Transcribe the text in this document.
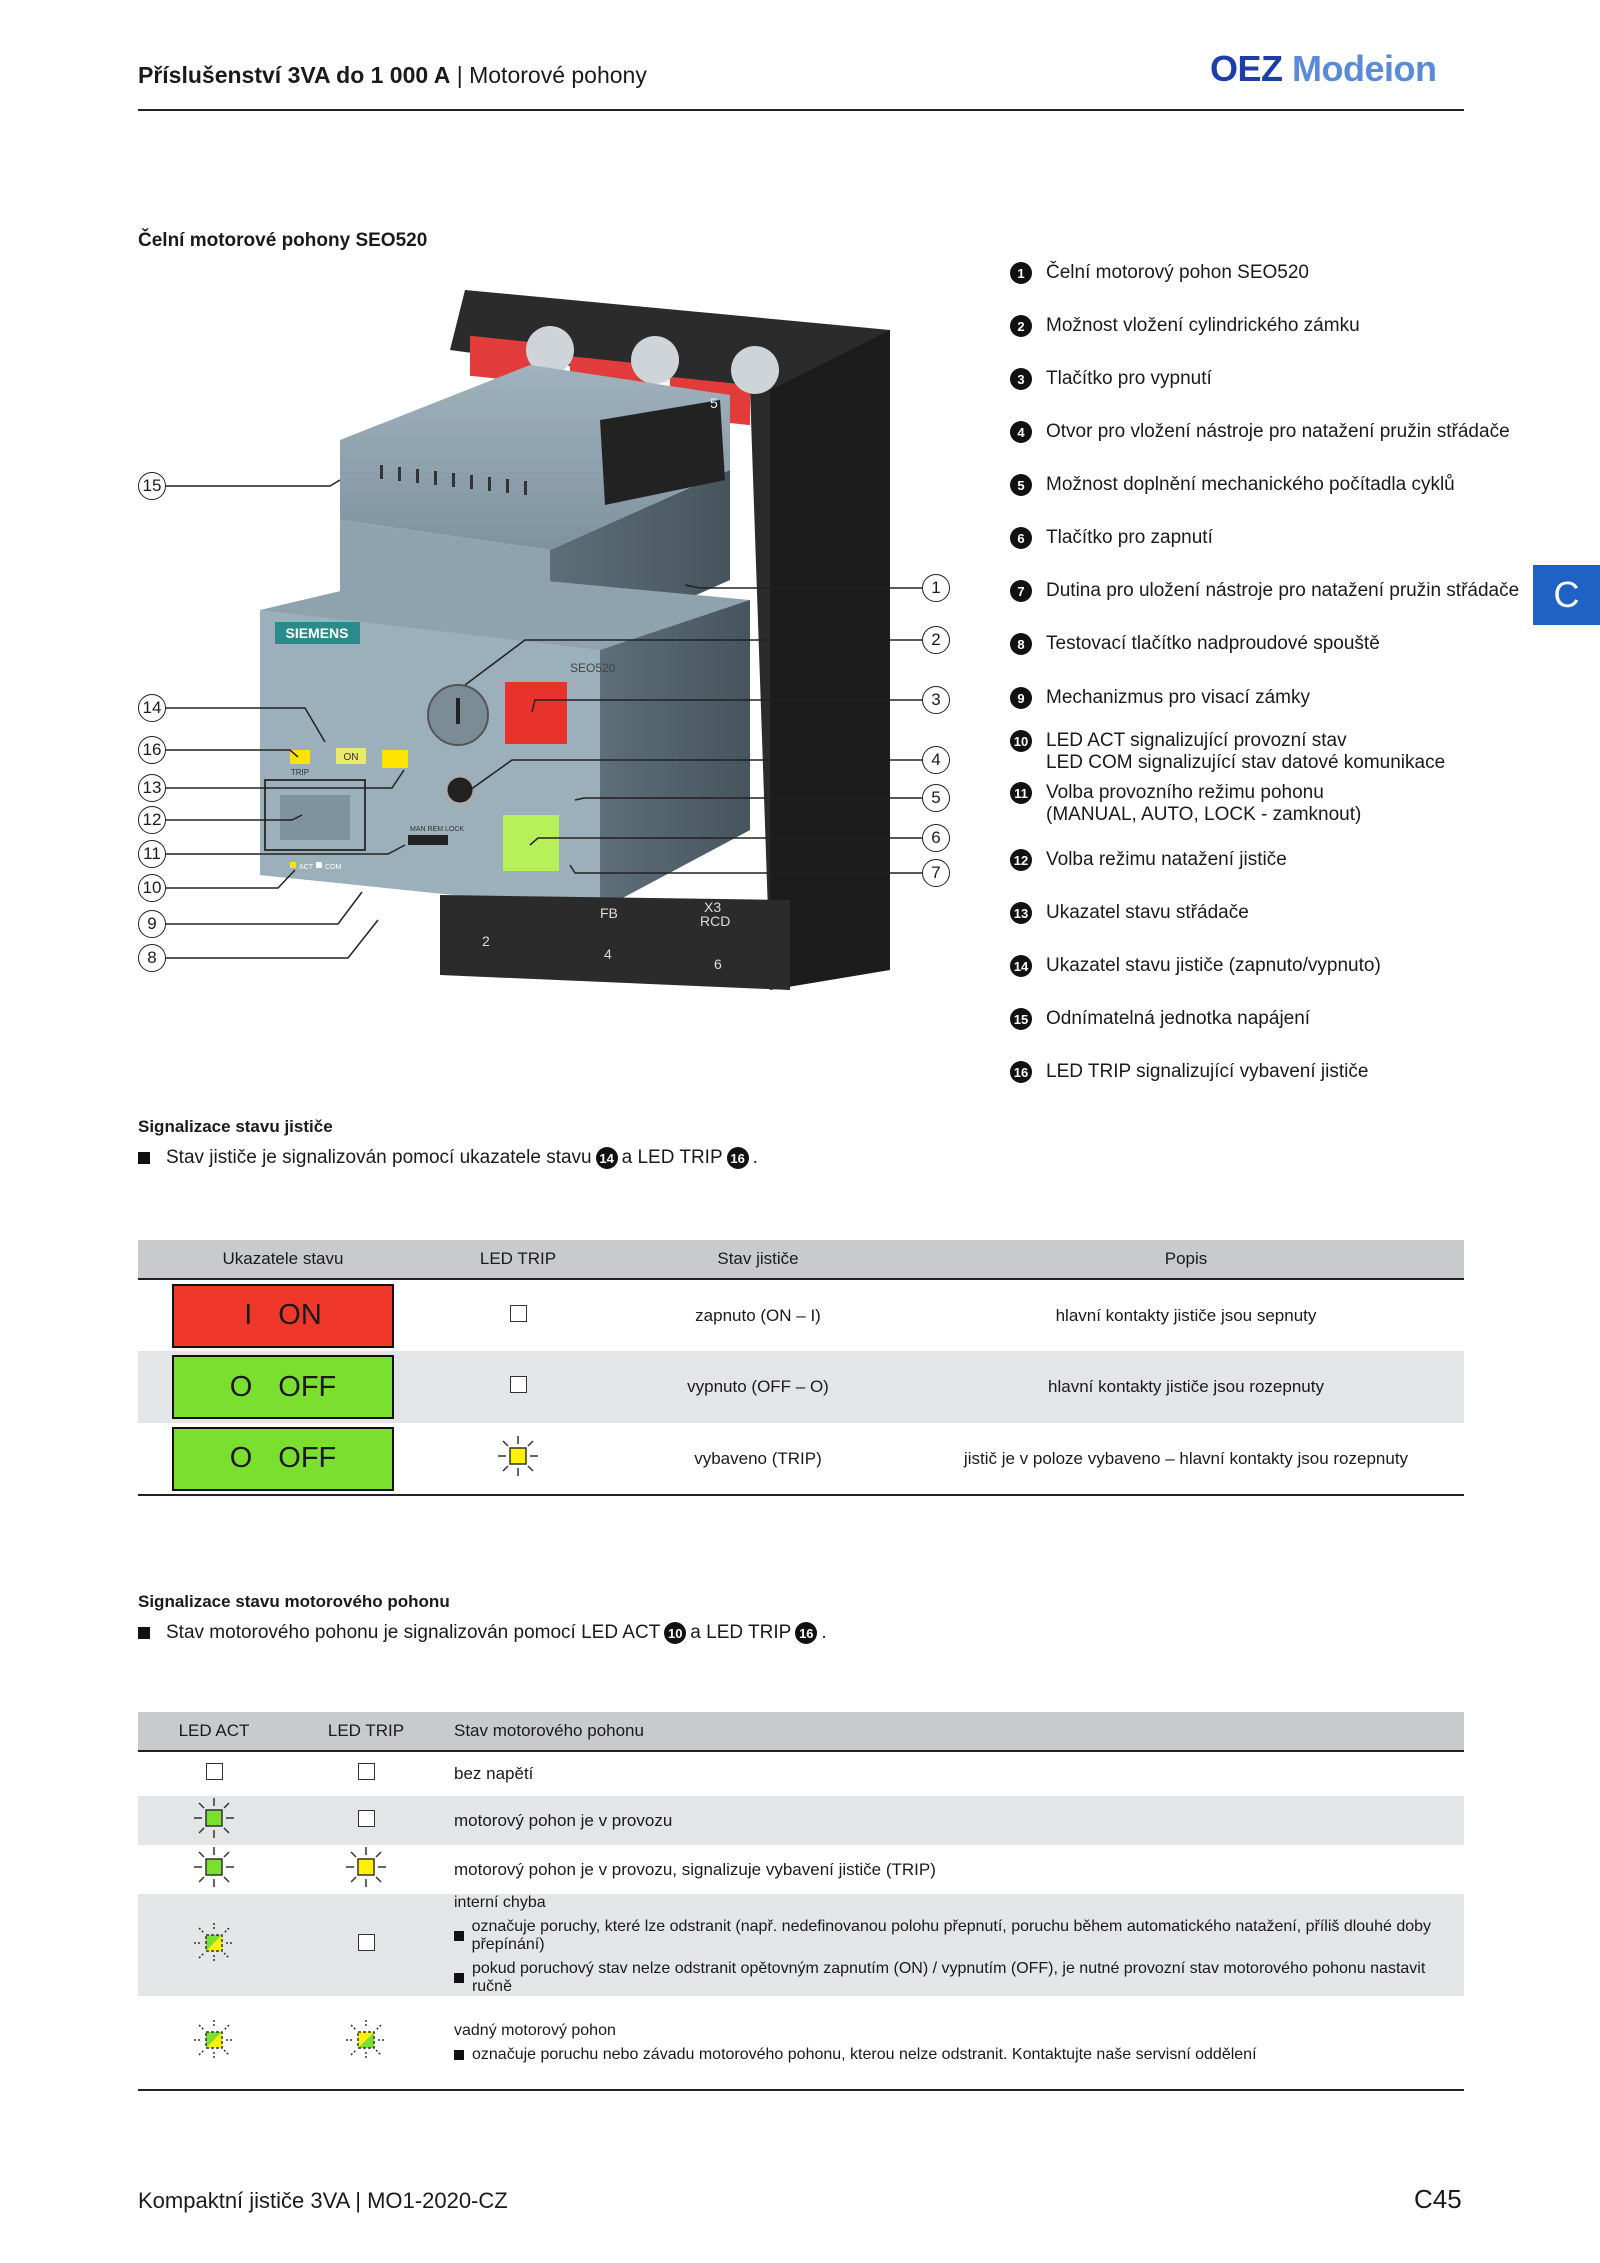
Příslušenství 3VA do 1 000 A | Motorové pohony	OEZ Modeion
C
Čelní motorové pohony SEO520
SIEMENS
SEO520
ON
TRIP
MAN REM LOCK
ACT COM
2
4
6
FB	X3
RCD
5
15
14
16
13
12
11
10
9
8
1
2
3
4
5
6
7
1	Čelní motorový pohon SEO520
2	Možnost vložení cylindrického zámku
3	Tlačítko pro vypnutí
4	Otvor pro vložení nástroje pro natažení pružin střádače
5	Možnost doplnění mechanického počítadla cyklů
6	Tlačítko pro zapnutí
7	Dutina pro uložení nástroje pro natažení pružin střádače
8	Testovací tlačítko nadproudové spouště
9	Mechanizmus pro visací zámky
10 LED ACT signalizující provozní stav
LED COM signalizující stav datové komunikace
11 Volba provozního režimu pohonu
(MANUAL, AUTO, LOCK - zamknout)
12 Volba režimu natažení jističe
13 Ukazatel stavu střádače
14 Ukazatel stavu jističe (zapnuto/vypnuto)
15 Odnímatelná jednotka napájení
16 LED TRIP signalizující vybavení jističe
Signalizace stavu jističe
Stav jističe je signalizován pomocí ukazatele stavu 14 a LED TRIP 16 .
Ukazatele stavu	LED TRIP	Stav jističe	Popis

I ON		zapnuto (ON – I)	hlavní kontakty jističe jsou sepnuty

O OFF		vypnuto (OFF – O)	hlavní kontakty jističe jsou rozepnuty

O OFF		vybaveno (TRIP)	jistič je v poloze vybaveno – hlavní kontakty jsou rozepnuty
Signalizace stavu motorového pohonu
Stav motorového pohonu je signalizován pomocí LED ACT 10 a LED TRIP 16 .
LED ACT	LED TRIP	Stav motorového pohonu
		bez napětí
		motorový pohon je v provozu
		motorový pohon je v provozu, signalizuje vybavení jističe (TRIP)

interní chyba
označuje poruchy, které lze odstranit (např. nedefinovanou polohu přepnutí, poruchu během automatického natažení, příliš dlouhé doby přepínání)
pokud poruchový stav nelze odstranit opětovným zapnutím (ON) / vypnutím (OFF), je nutné provozní stav motorového pohonu nastavit ručně

vadný motorový pohon
označuje poruchu nebo závadu motorového pohonu, kterou nelze odstranit. Kontaktujte naše servisní oddělení
Kompaktní jističe 3VA | MO1-2020-CZ	C45
